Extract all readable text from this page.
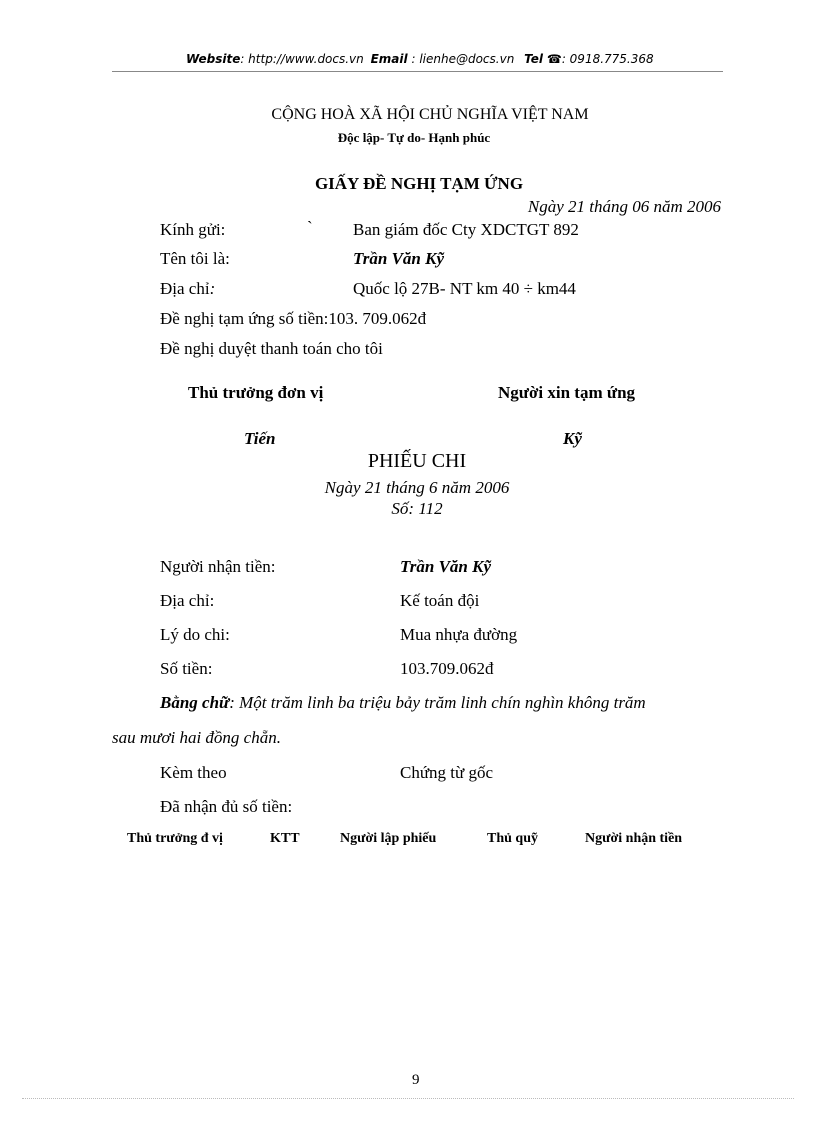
Website: http://www.docs.vn Email : lienhe@docs.vn Tel ☎: 0918.775.368
CỘNG HOÀ XÃ HỘI CHỦ NGHĨA VIỆT NAM
Độc lập- Tự do- Hạnh phúc
GIẤY ĐỀ NGHỊ TẠM ỨNG
Ngày 21 tháng 06 năm 2006
Kính gửi:	` Ban giám đốc Cty XDCTGT 892
Tên tôi là:	Trần Văn Kỹ
Địa chỉ:	Quốc lộ 27B- NT km 40 ÷ km44
Đề nghị tạm ứng số tiền:103. 709.062đ
Đề nghị duyệt thanh toán cho tôi
Thủ trưởng đơn vị	Người xin tạm ứng
Tiến	Kỹ
PHIẾU CHI
Ngày 21 tháng 6 năm 2006
Số: 112
Người nhận tiền:	Trần Văn Kỹ
Địa chỉ:	Kế toán đội
Lý do chi:	Mua nhựa đường
Số tiền:	103.709.062đ
Bằng chữ: Một trăm linh ba triệu bảy trăm linh chín nghìn không trăm
sau mươi hai đồng chẵn.
Kèm theo	Chứng từ gốc
Đã nhận đủ số tiền:
Thủ trưởng đ vị	KTT	Người lập phiếu	Thủ quỹ	Người nhận tiền
9
